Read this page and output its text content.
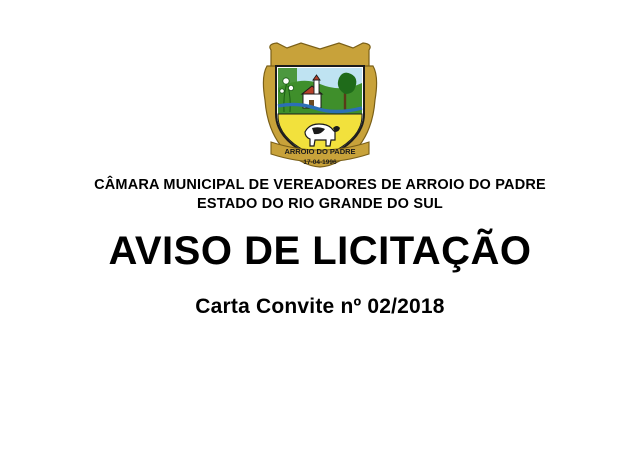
ARROIO DO PADRE
17-04-1996
CÂMARA MUNICIPAL DE VEREADORES DE ARROIO DO PADRE
ESTADO DO RIO GRANDE DO SUL
AVISO DE LICITAÇÃO
Carta Convite nº 02/2018
